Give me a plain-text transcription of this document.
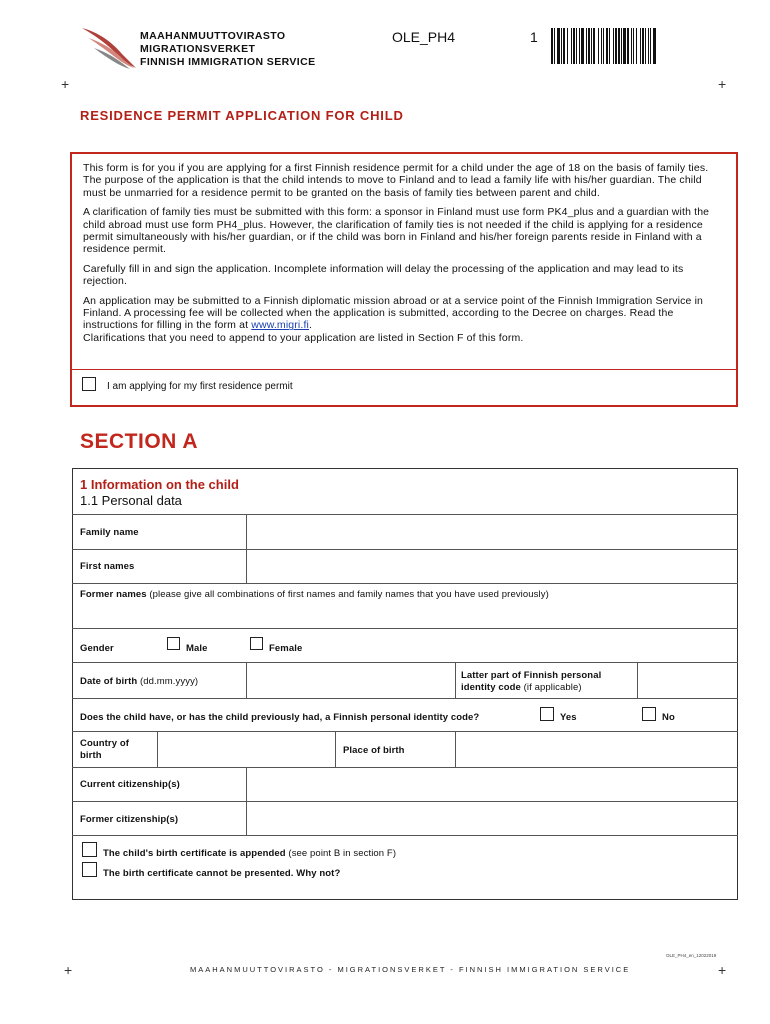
MAAHANMUUTTOVIRASTO
MIGRATIONSVERKET
FINNISH IMMIGRATION SERVICE
OLE_PH4	1
+	+
RESIDENCE PERMIT APPLICATION FOR CHILD

This form is for you if you are applying for a first Finnish residence permit for a child under the age of 18 on the basis of family ties. The purpose of the application is that the child intends to move to Finland and to lead a family life with his/her guardian. The child must be unmarried for a residence permit to be granted on the basis of family ties between parent and child.

A clarification of family ties must be submitted with this form: a sponsor in Finland must use form PK4_plus and a guardian with the child abroad must use form PH4_plus. However, the clarification of family ties is not needed if the child is applying for a residence permit simultaneously with his/her guardian, or if the child was born in Finland and his/her foreign parents reside in Finland with a residence permit.

Carefully fill in and sign the application. Incomplete information will delay the processing of the application and may lead to its rejection.

An application may be submitted to a Finnish diplomatic mission abroad or at a service point of the Finnish Immigration Service in Finland. A processing fee will be collected when the application is submitted, according to the Decree on charges. Read the instructions for filling in the form at www.migri.fi.

Clarifications that you need to append to your application are listed in Section F of this form.

I am applying for my first residence permit
SECTION A
1 Information on the child
1.1 Personal data
Family name
First names
Former names (please give all combinations of first names and family names that you have used previously)
Gender	Male	Female
Date of birth (dd.mm.yyyy)
Latter part of Finnish personal
identity code (if applicable)
Does the child have, or has the child previously had, a Finnish personal identity code?	Yes	No
Country of
birth	Place of birth
Current citizenship(s)
Former citizenship(s)
The child's birth certificate is appended (see point B in section F)
The birth certificate cannot be presented. Why not?
OLE_PH4_en_12022019
+	MAAHANMUUTTOVIRASTO - MIGRATIONSVERKET - FINNISH IMMIGRATION SERVICE	+
